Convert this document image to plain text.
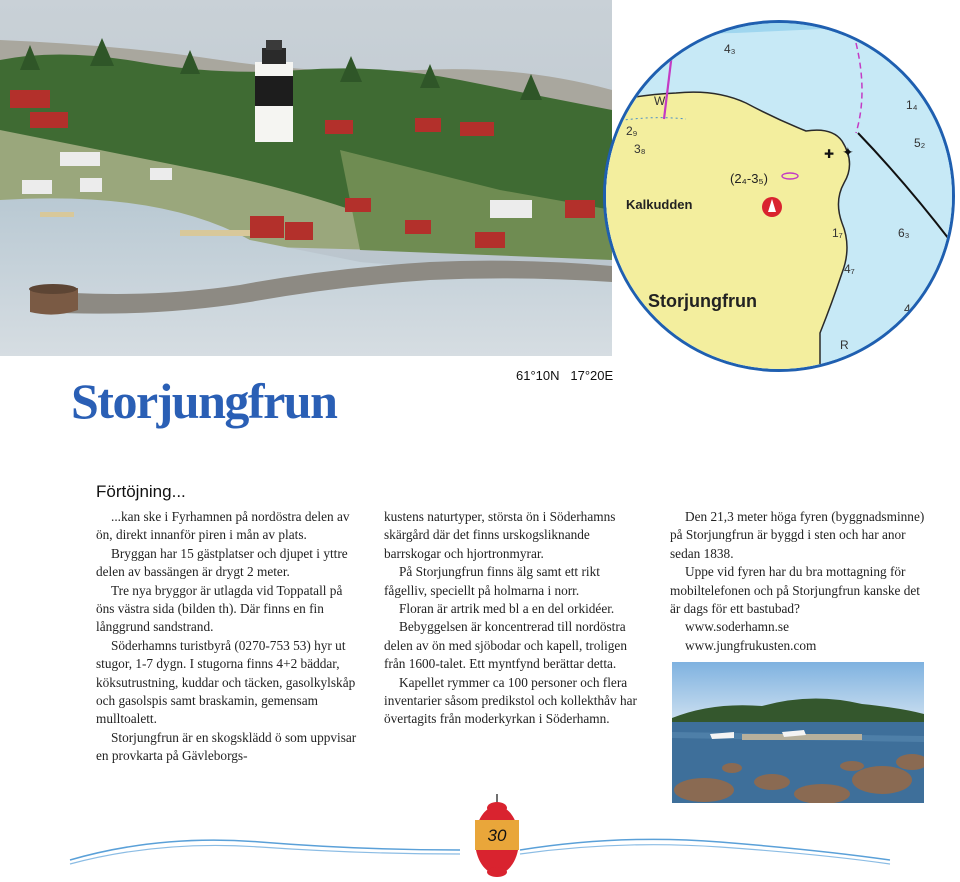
✦
✚
4₃
2₉
3₈
1₄
5₂
1₇	6₃
4₇
W
R
4
(2₄-3₅)
Kalkudden
Storjungfrun
61°10N 17°20E
Storjungfrun
Förtöjning...

...kan ske i Fyrhamnen på nordöstra delen av ön, direkt innanför piren i mån av plats.

Bryggan har 15 gästplatser och djupet i yttre delen av bassängen är drygt 2 meter.

Tre nya bryggor är utlagda vid Toppatall på öns västra sida (bilden th). Där finns en fin långgrund sandstrand.

Söderhamns turistbyrå (0270-753 53) hyr ut stugor, 1-7 dygn. I stugorna finns 4+2 bäddar, köksutrustning, kuddar och täcken, gasolkylskåp och gasolspis samt braskamin, gemensam mulltoalett.

Storjungfrun är en skogsklädd ö som uppvisar en provkarta på Gävleborgs-

kustens naturtyper, största ön i Söderhamns skärgård där det finns urskogsliknande barrskogar och hjortronmyrar.

På Storjungfrun finns älg samt ett rikt fågelliv, speciellt på holmarna i norr.

Floran är artrik med bl a en del orkidéer.

Bebyggelsen är koncentrerad till nordöstra delen av ön med sjöbodar och kapell, troligen från 1600-talet. Ett myntfynd berättar detta.

Kapellet rymmer ca 100 personer och flera inventarier såsom predikstol och kollekthåv har övertagits från moderkyrkan i Söderhamn.

Den 21,3 meter höga fyren (byggnadsminne) på Storjungfrun är byggd i sten och har anor sedan 1838.

Uppe vid fyren har du bra mottagning för mobiltelefonen och på Storjungfrun kanske det är dags för ett bastubad?

www.soderhamn.se

www.jungfrukusten.com

30
